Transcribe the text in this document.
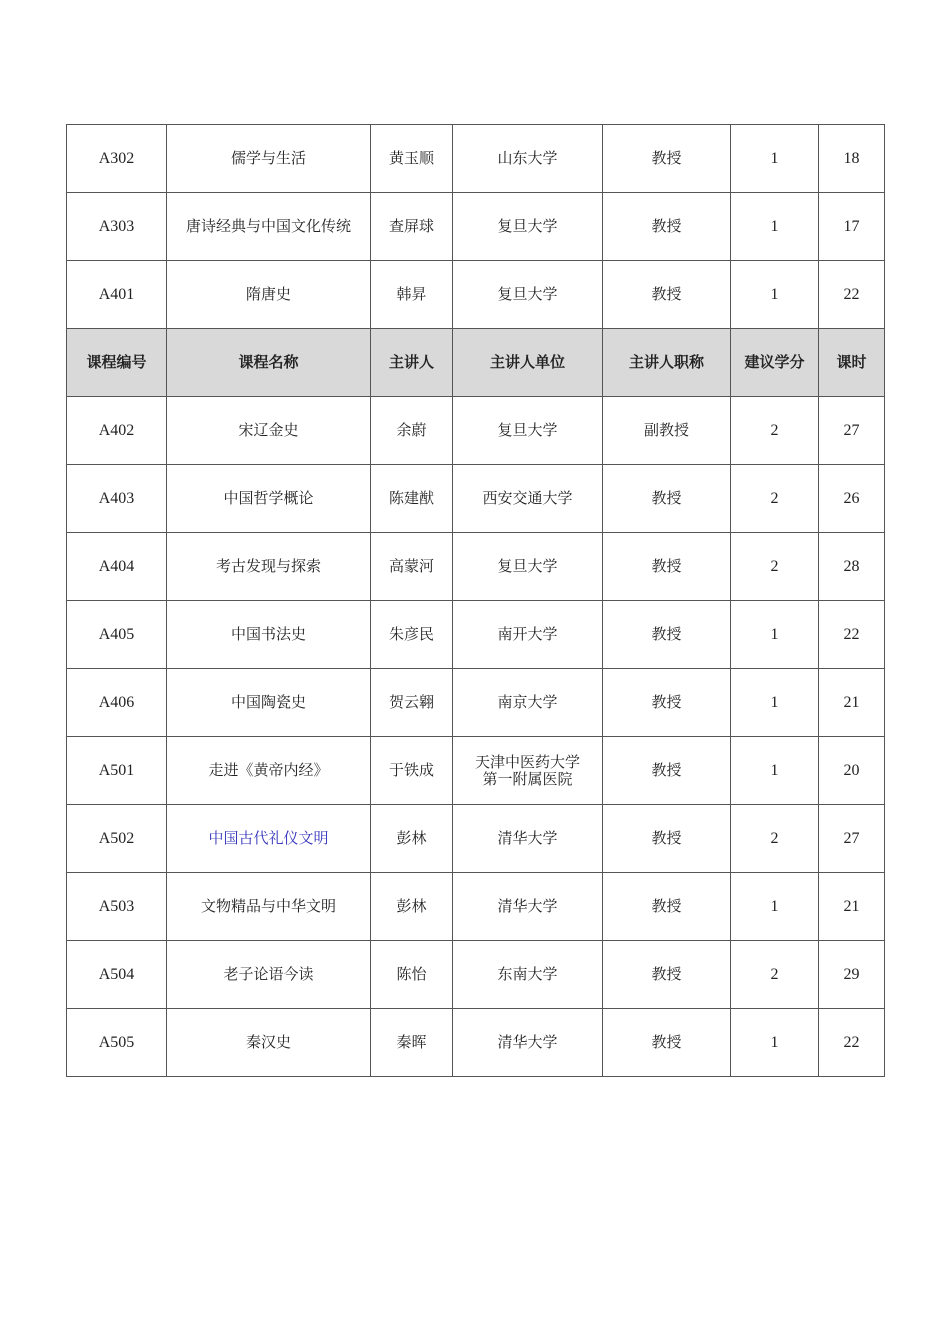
A302	儒学与生活	黄玉顺	山东大学	教授	1	18
A303	唐诗经典与中国文化传统	查屏球	复旦大学	教授	1	17
A401	隋唐史	韩昇	复旦大学	教授	1	22
课程编号	课程名称	主讲人	主讲人单位	主讲人职称	建议学分	课时
A402	宋辽金史	余蔚	复旦大学	副教授	2	27
A403	中国哲学概论	陈建猷	西安交通大学	教授	2	26
A404	考古发现与探索	高蒙河	复旦大学	教授	2	28
A405	中国书法史	朱彦民	南开大学	教授	1	22
A406	中国陶瓷史	贺云翱	南京大学	教授	1	21
A501	走进《黄帝内经》	于铁成	天津中医药大学
第一附属医院	教授	1	20
A502	中国古代礼仪文明	彭林	清华大学	教授	2	27
A503	文物精品与中华文明	彭林	清华大学	教授	1	21
A504	老子论语今读	陈怡	东南大学	教授	2	29
A505	秦汉史	秦晖	清华大学	教授	1	22
